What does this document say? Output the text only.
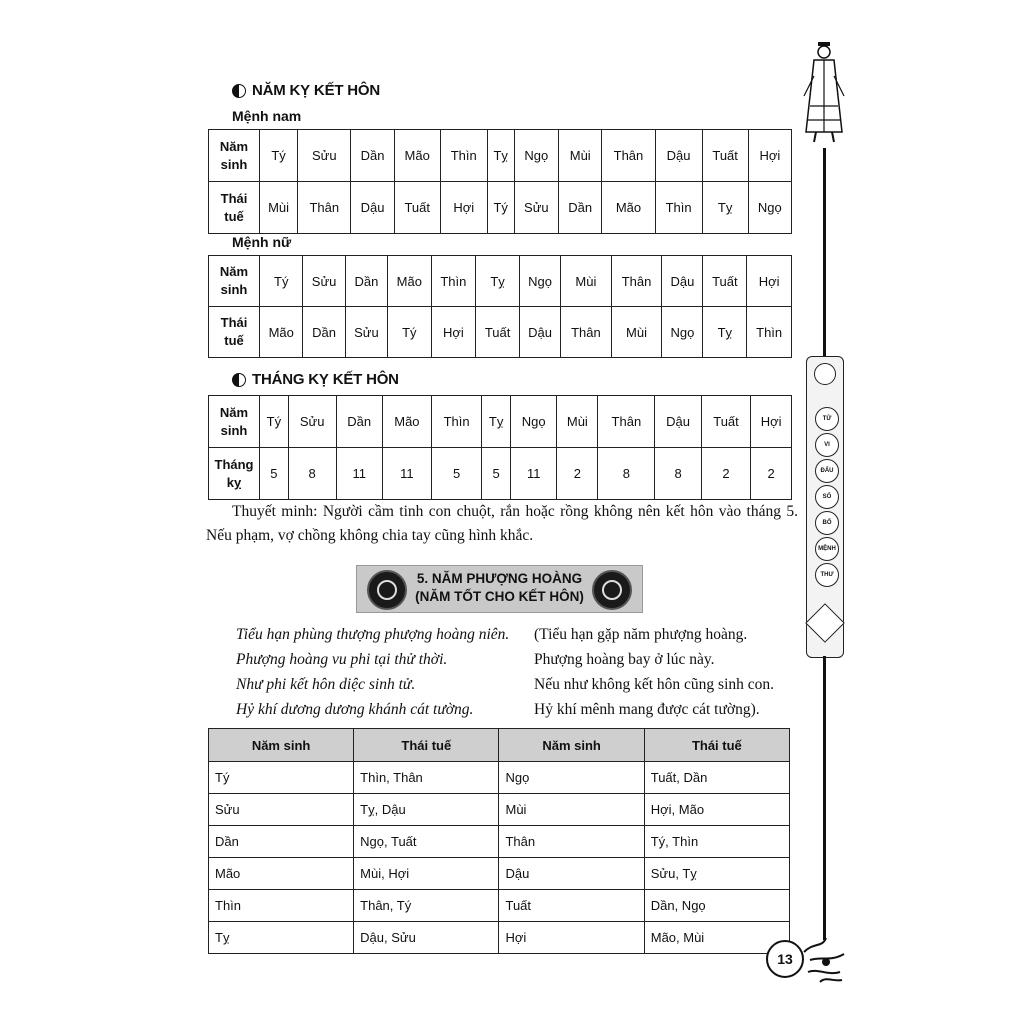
NĂM KỴ KẾT HÔN
Mệnh nam
Năm
sinh	Tý	Sửu	Dần	Mão	Thìn	Tỵ	Ngọ	Mùi	Thân	Dậu	Tuất	Hợi
Thái
tuế	Mùi	Thân	Dậu	Tuất	Hợi	Tý	Sửu	Dần	Mão	Thìn	Tỵ	Ngọ
Mệnh nữ
Năm
sinh	Tý	Sửu	Dần	Mão	Thìn	Tỵ	Ngọ	Mùi	Thân	Dậu	Tuất	Hợi
Thái
tuế	Mão	Dần	Sửu	Tý	Hợi	Tuất	Dậu	Thân	Mùi	Ngọ	Tỵ	Thìn
THÁNG KỴ KẾT HÔN
Năm
sinh	Tý	Sửu	Dần	Mão	Thìn	Tỵ	Ngọ	Mùi	Thân	Dậu	Tuất	Hợi
Tháng
kỵ	5	8	11	11	5	5	11	2	8	8	2	2
Thuyết minh: Người cầm tinh con chuột, rắn hoặc rồng không nên kết hôn vào tháng 5. Nếu phạm, vợ chồng không chia tay cũng hình khắc.
5. NĂM PHƯỢNG HOÀNG
(NĂM TỐT CHO KẾT HÔN)
Tiểu hạn phùng thượng phượng hoàng niên.
Phượng hoàng vu phi tại thử thời.
Như phi kết hôn diệc sinh tử.
Hỷ khí dương dương khánh cát tường.
(Tiểu hạn gặp năm phượng hoàng.
Phượng hoàng bay ở lúc này.
Nếu như không kết hôn cũng sinh con.
Hỷ khí mênh mang được cát tường).
Năm sinh	Thái tuế	Năm sinh	Thái tuế
Tý	Thìn, Thân	Ngọ	Tuất, Dần
Sửu	Tỵ, Dậu	Mùi	Hợi, Mão
Dần	Ngọ, Tuất	Thân	Tý, Thìn
Mão	Mùi, Hợi	Dậu	Sửu, Tỵ
Thìn	Thân, Tý	Tuất	Dần, Ngọ
Tỵ	Dậu, Sửu	Hợi	Mão, Mùi
TỬ
VI
ĐẨU
SỐ
BỔ
MỆNH
THƯ
13
